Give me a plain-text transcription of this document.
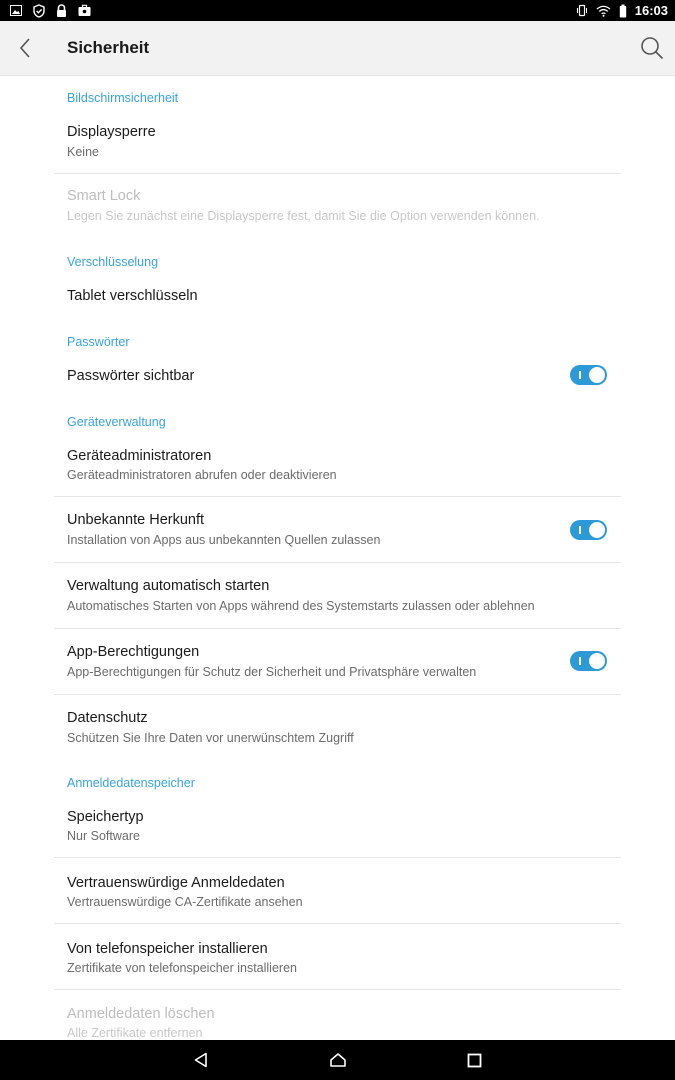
16:03
Sicherheit
Bildschirmsicherheit
Displaysperre
Keine
Smart Lock
Legen Sie zunächst eine Displaysperre fest, damit Sie die Option verwenden können.
Verschlüsselung
Tablet verschlüsseln
Passwörter
Passwörter sichtbar
Geräteverwaltung
Geräteadministratoren
Geräteadministratoren abrufen oder deaktivieren
Unbekannte Herkunft
Installation von Apps aus unbekannten Quellen zulassen
Verwaltung automatisch starten
Automatisches Starten von Apps während des Systemstarts zulassen oder ablehnen
App-Berechtigungen
App-Berechtigungen für Schutz der Sicherheit und Privatsphäre verwalten
Datenschutz
Schützen Sie Ihre Daten vor unerwünschtem Zugriff
Anmeldedatenspeicher
Speichertyp
Nur Software
Vertrauenswürdige Anmeldedaten
Vertrauenswürdige CA-Zertifikate ansehen
Von telefonspeicher installieren
Zertifikate von telefonspeicher installieren
Anmeldedaten löschen
Alle Zertifikate entfernen
